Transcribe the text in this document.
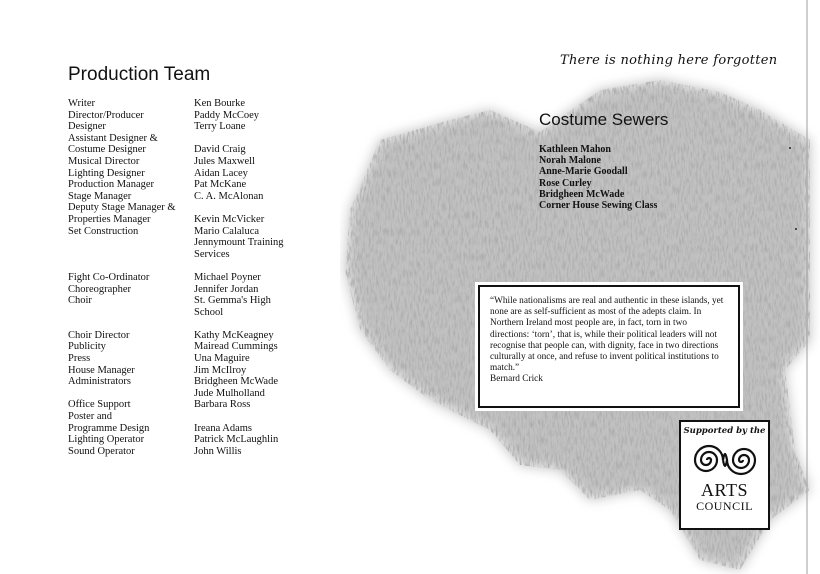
Production Team
Writer	Ken Bourke
Director/Producer	Paddy McCoey
Designer	Terry Loane
Assistant Designer &
Costume Designer	David Craig
Musical Director	Jules Maxwell
Lighting Designer	Aidan Lacey
Production Manager	Pat McKane
Stage Manager	C. A. McAlonan
Deputy Stage Manager &
Properties Manager	Kevin McVicker
Set Construction	Mario Calaluca
Jennymount Training
Services
Fight Co-Ordinator	Michael Poyner
Choreographer	Jennifer Jordan
Choir	St. Gemma's High
School
Choir Director	Kathy McKeagney
Publicity	Mairead Cummings
Press	Una Maguire
House Manager	Jim McIlroy
Administrators	Bridgheen McWade
Jude Mulholland
Office Support	Barbara Ross
Poster and
Programme Design	Ireana Adams
Lighting Operator	Patrick McLaughlin
Sound Operator	John Willis
There is nothing here forgotten
Costume Sewers
Kathleen Mahon
Norah Malone
Anne-Marie Goodall
Rose Curley
Bridgheen McWade
Corner House Sewing Class
“While nationalisms are real and authentic in these islands, yet none are as self-sufficient as most of the adepts claim. In Northern Ireland most people are, in fact, torn in two directions: ‘torn’, that is, while their political leaders will not recognise that people can, with dignity, face in two directions culturally at once, and refuse to invent political institutions to match.”
Bernard Crick
Supported by the
ARTS
COUNCIL
